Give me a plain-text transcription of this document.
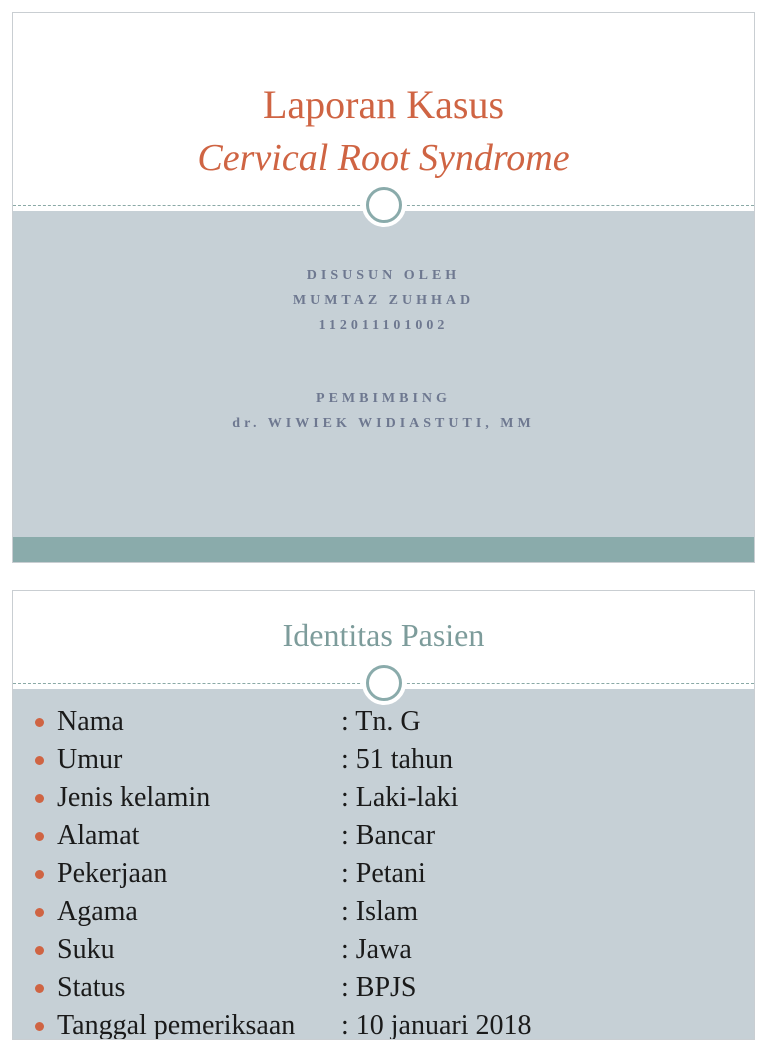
Laporan Kasus
Cervical Root Syndrome
DISUSUN OLEH
MUMTAZ ZUHHAD
112011101002
PEMBIMBING
dr. WIWIEK WIDIASTUTI, MM
Identitas Pasien
Nama	: Tn. G
Umur	: 51 tahun
Jenis kelamin	: Laki-laki
Alamat	: Bancar
Pekerjaan	: Petani
Agama	: Islam
Suku	: Jawa
Status	: BPJS
Tanggal pemeriksaan : 10 januari 2018
